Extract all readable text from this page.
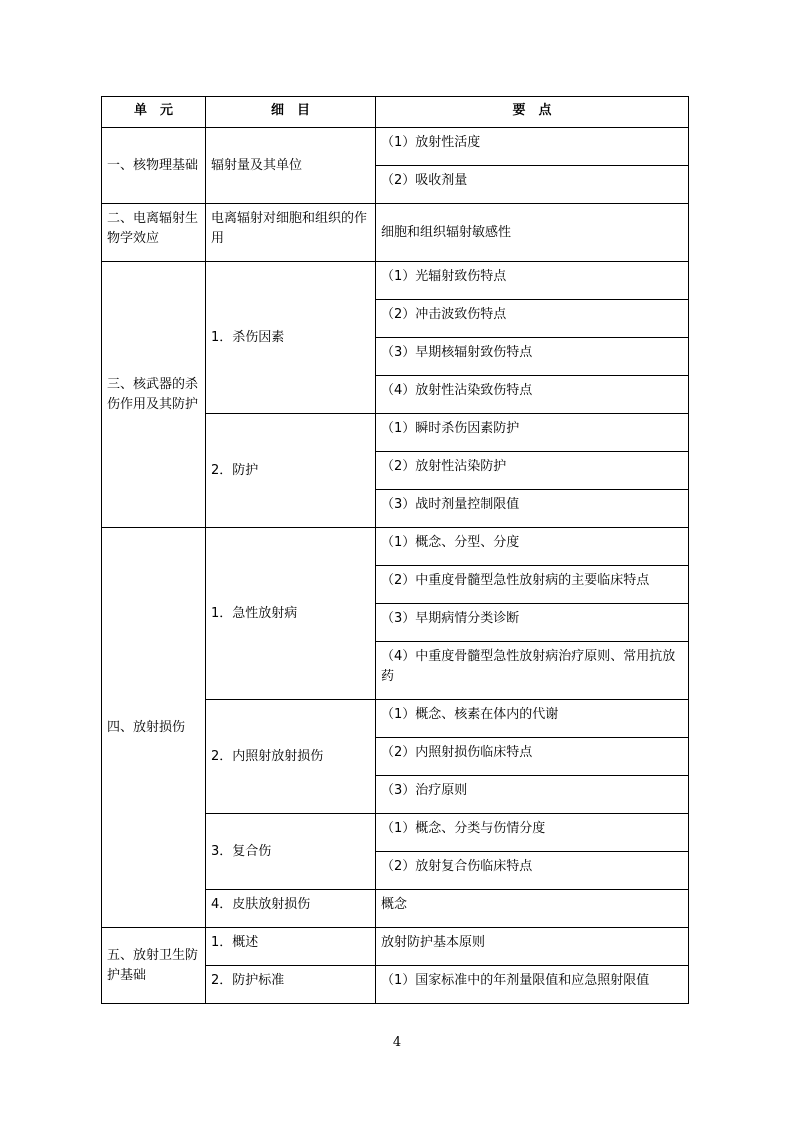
单　元	细　目	要　点
一、核物理基础	辐射量及其单位	（1）放射性活度
		（2）吸收剂量
二、电离辐射生物学效应	电离辐射对细胞和组织的作用	细胞和组织辐射敏感性
三、核武器的杀伤作用及其防护	1．杀伤因素	（1）光辐射致伤特点
		（2）冲击波致伤特点
		（3）早期核辐射致伤特点
		（4）放射性沾染致伤特点
	2．防护	（1）瞬时杀伤因素防护
		（2）放射性沾染防护
		（3）战时剂量控制限值
四、放射损伤	1．急性放射病	（1）概念、分型、分度
		（2）中重度骨髓型急性放射病的主要临床特点
		（3）早期病情分类诊断
		（4）中重度骨髓型急性放射病治疗原则、常用抗放药
	2．内照射放射损伤	（1）概念、核素在体内的代谢
		（2）内照射损伤临床特点
		（3）治疗原则
	3．复合伤	（1）概念、分类与伤情分度
		（2）放射复合伤临床特点
	4．皮肤放射损伤	概念
五、放射卫生防护基础	1．概述	放射防护基本原则
	2．防护标准	（1）国家标准中的年剂量限值和应急照射限值
4
